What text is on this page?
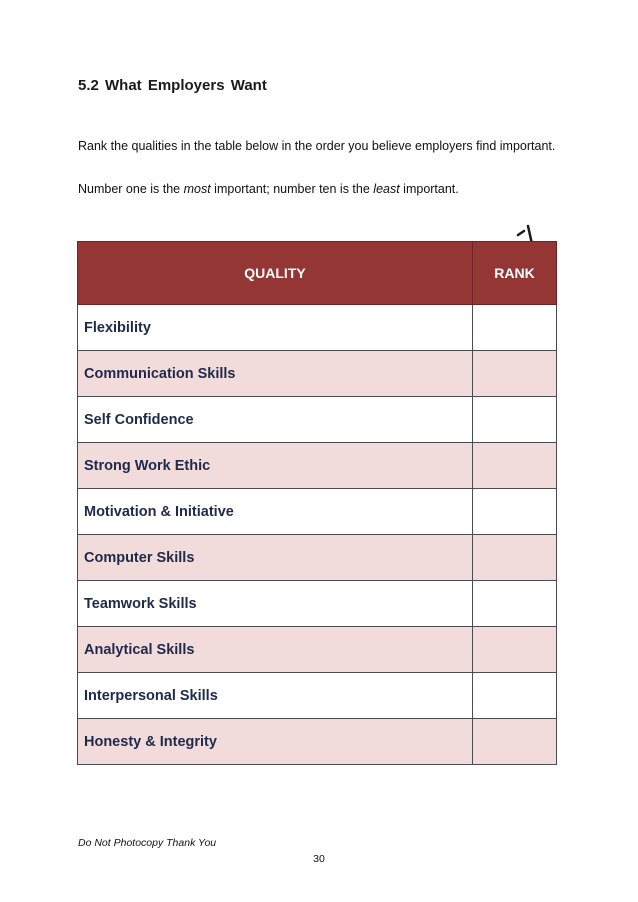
5.2 What Employers Want

Rank the qualities in the table below in the order you believe employers find important.

Number one is the most important; number ten is the least important.

QUALITY	RANK
Flexibility	
Communication Skills	
Self Confidence	
Strong Work Ethic	
Motivation & Initiative	
Computer Skills	
Teamwork Skills	
Analytical Skills	
Interpersonal Skills	
Honesty & Integrity	
Do Not Photocopy Thank You
30
